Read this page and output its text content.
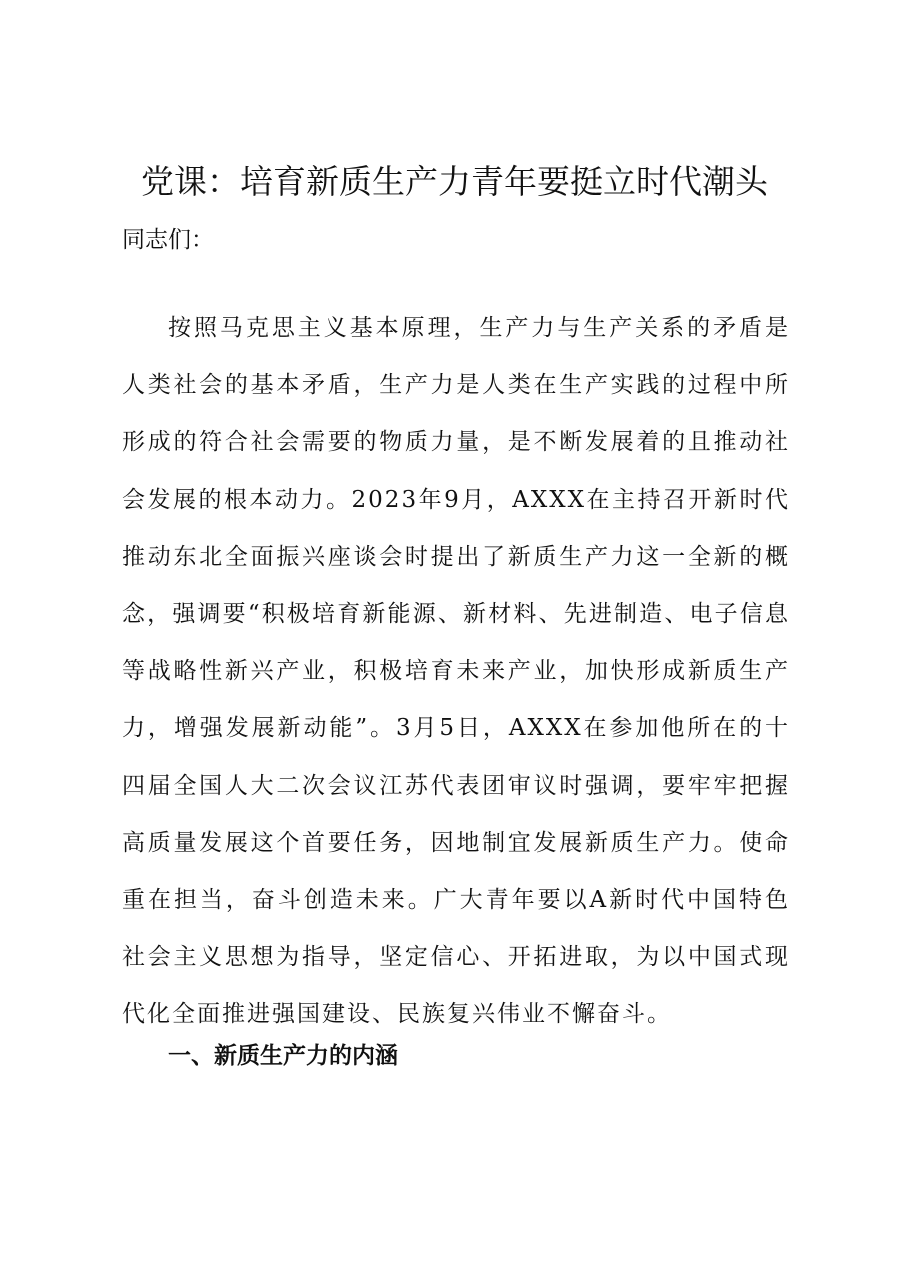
党课：培育新质生产力青年要挺立时代潮头

同志们：

按照马克思主义基本原理，生产力与生产关系的矛盾是人类社会的基本矛盾，生产力是人类在生产实践的过程中所形成的符合社会需要的物质力量，是不断发展着的且推动社会发展的根本动力。2023年9月，AXXX在主持召开新时代推动东北全面振兴座谈会时提出了新质生产力这一全新的概念，强调要“积极培育新能源、新材料、先进制造、电子信息等战略性新兴产业，积极培育未来产业，加快形成新质生产力，增强发展新动能”。3月5日，AXXX在参加他所在的十四届全国人大二次会议江苏代表团审议时强调，要牢牢把握高质量发展这个首要任务，因地制宜发展新质生产力。使命重在担当，奋斗创造未来。广大青年要以A新时代中国特色社会主义思想为指导，坚定信心、开拓进取，为以中国式现代化全面推进强国建设、民族复兴伟业不懈奋斗。

一、新质生产力的内涵
